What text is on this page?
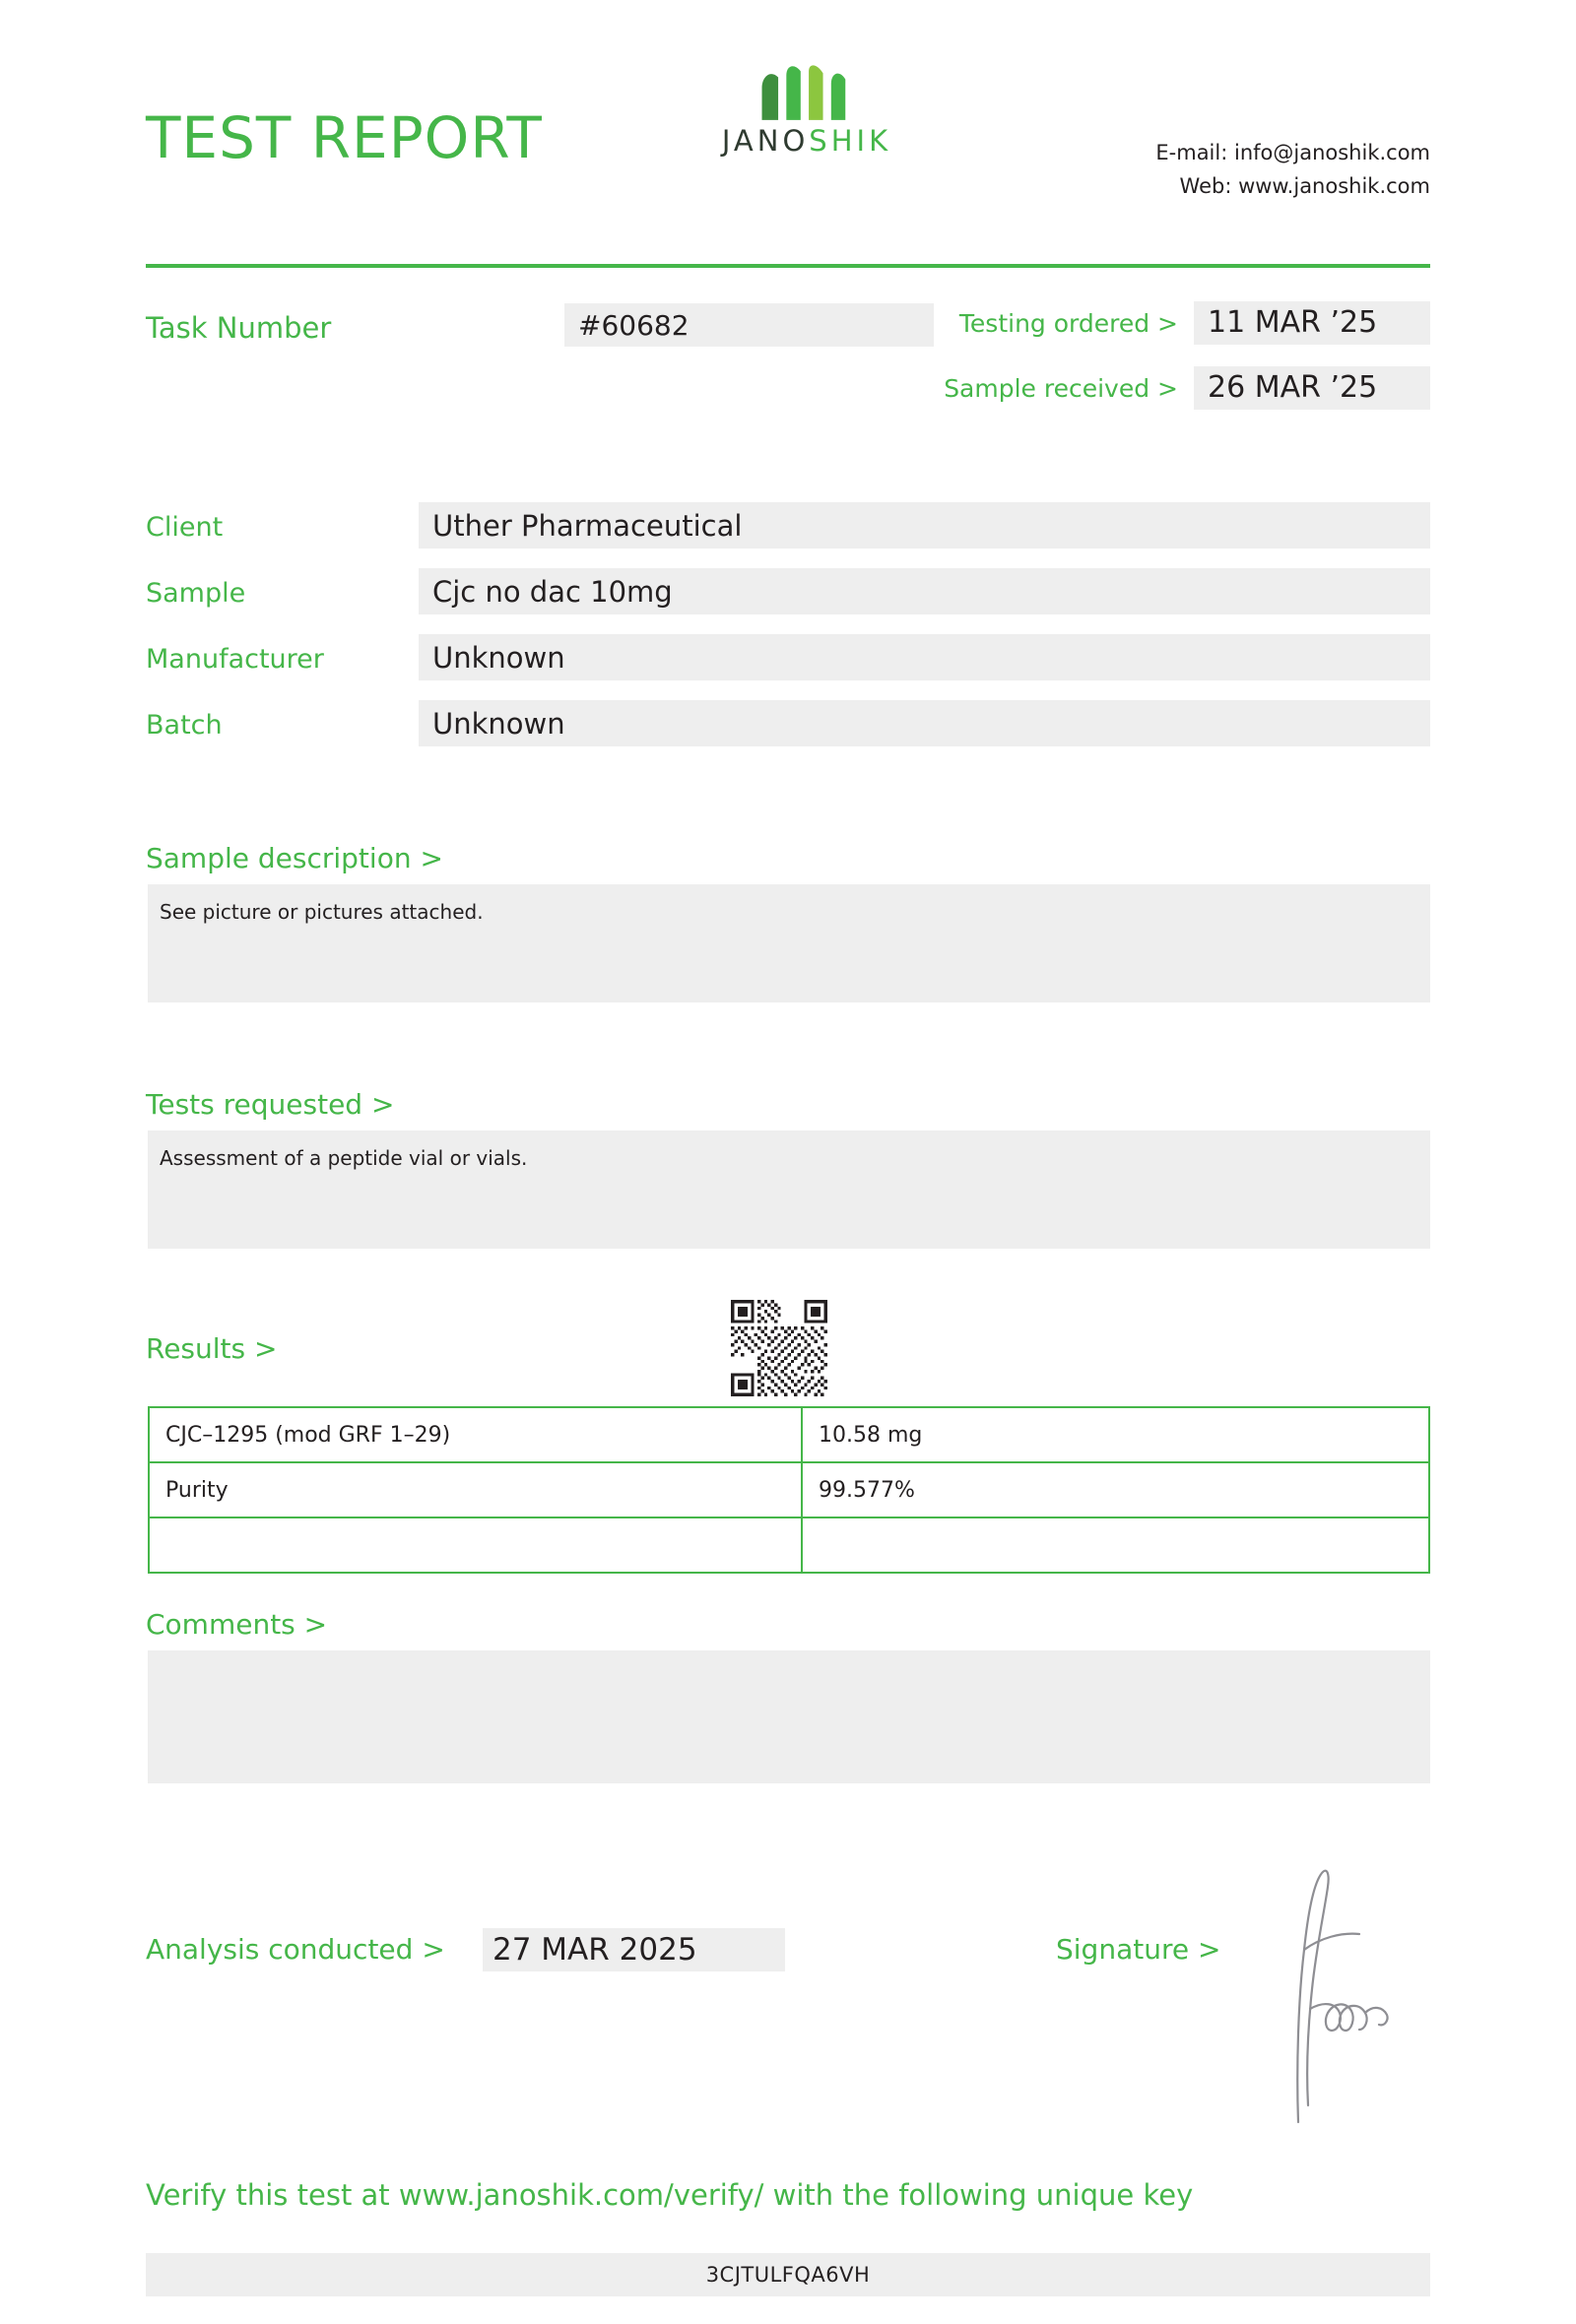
TEST REPORT	JANOSHIK	E-mail: info@janoshik.com
Web: www.janoshik.com
Task Number	#60682	Testing ordered >	11 MAR ’25
Sample received >	26 MAR ’25
Client	Uther Pharmaceutical
Sample	Cjc no dac 10mg
Manufacturer	Unknown
Batch	Unknown
Sample description >
See picture or pictures attached.
Tests requested >
Assessment of a peptide vial or vials.
Results >
CJC–1295 (mod GRF 1–29)	10.58 mg
Purity	99.577%

Comments >
Analysis conducted >	27 MAR 2025	Signature >
Verify this test at www.janoshik.com/verify/ with the following unique key
3CJTULFQA6VH
